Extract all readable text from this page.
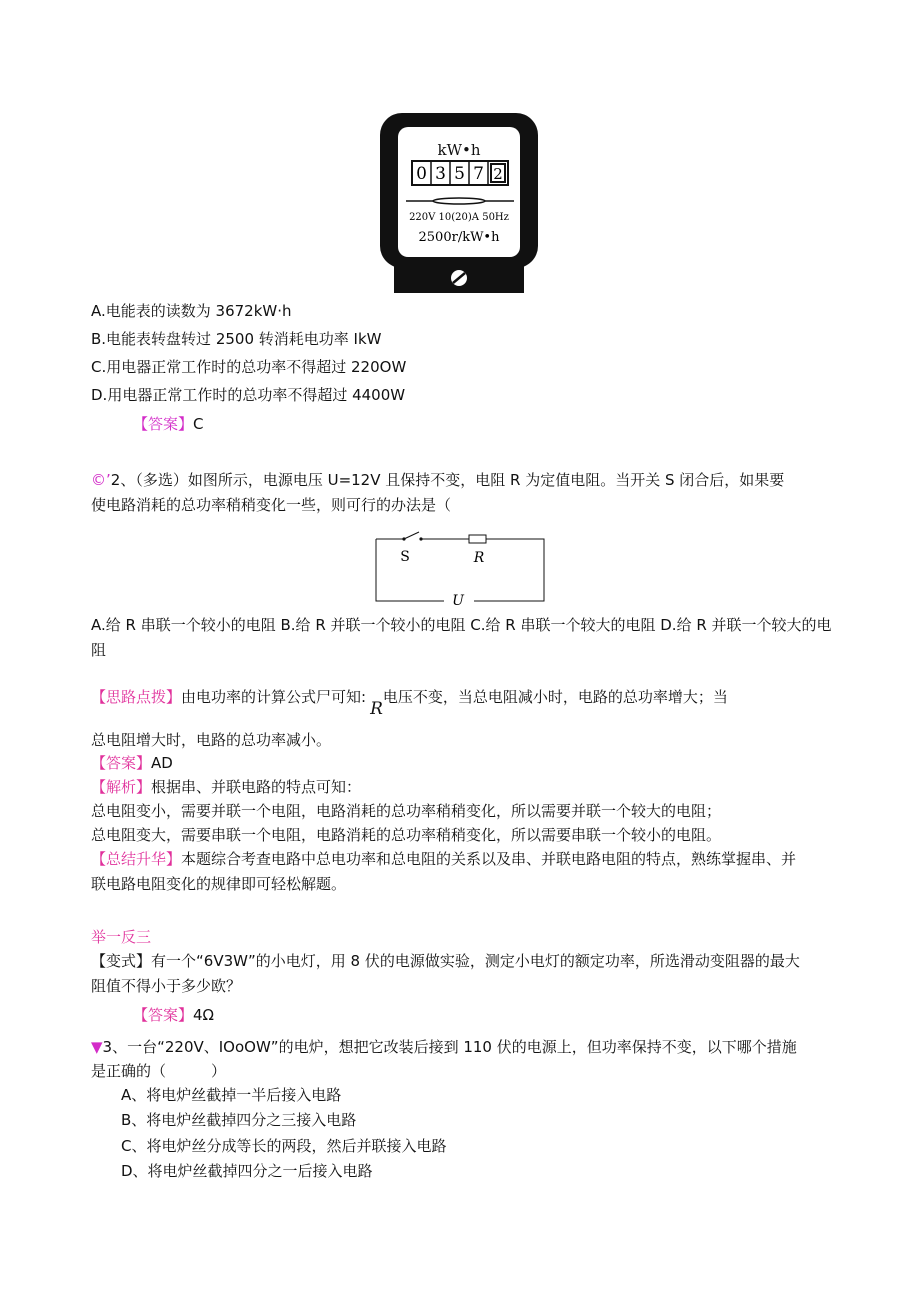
kW•h
0 3 5 7 2
220V 10(20)A 50Hz
2500r/kW•h
A.电能表的读数为 3672kW·h
B.电能表转盘转过 2500 转消耗电功率 IkW
C.用电器正常工作时的总功率不得超过 220OW
D.用电器正常工作时的总功率不得超过 4400W
【答案】C
©’2、（多选）如图所示，电源电压 U=12V 且保持不变，电阻 R 为定值电阻。当开关 S 闭合后，如果要
使电路消耗的总功率稍稍变化一些，则可行的办法是（
S	R
U
A.给 R 串联一个较小的电阻 B.给 R 并联一个较小的电阻 C.给 R 串联一个较大的电阻 D.给 R 并联一个较大的电
阻
【思路点拨】由电功率的计算公式尸可知:R电压不变，当总电阻减小时，电路的总功率增大；当
总电阻增大时，电路的总功率减小。
【答案】AD
【解析】根据串、并联电路的特点可知：
总电阻变小，需要并联一个电阻，电路消耗的总功率稍稍变化，所以需要并联一个较大的电阻；
总电阻变大，需要串联一个电阻，电路消耗的总功率稍稍变化，所以需要串联一个较小的电阻。
【总结升华】本题综合考查电路中总电功率和总电阻的关系以及串、并联电路电阻的特点，熟练掌握串、并
联电路电阻变化的规律即可轻松解题。
举一反三
【变式】有一个“6V3W”的小电灯，用 8 伏的电源做实验，测定小电灯的额定功率，所选滑动变阻器的最大
阻值不得小于多少欧？
【答案】4Ω
▼3、一台“220V、IOoOW”的电炉，想把它改装后接到 110 伏的电源上，但功率保持不变，以下哪个措施
是正确的（　　　）
A、将电炉丝截掉一半后接入电路
B、将电炉丝截掉四分之三接入电路
C、将电炉丝分成等长的两段，然后并联接入电路
D、将电炉丝截掉四分之一后接入电路
